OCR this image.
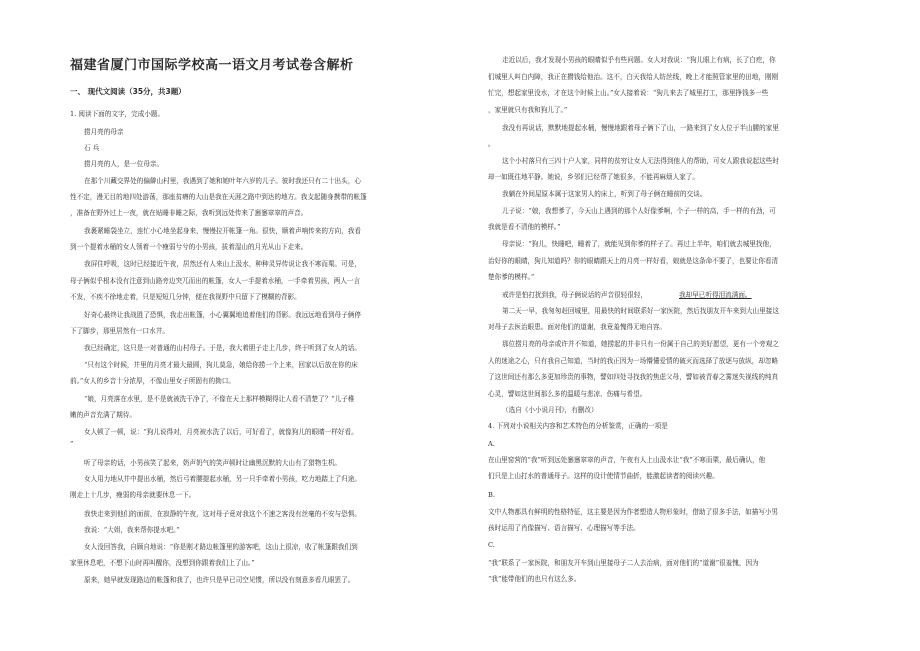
福建省厦门市国际学校高一语文月考试卷含解析
一、 现代文阅读（35分，共3题）
1. 阅读下面的文字，完成小题。
捞月亮的母亲
石 兵
捞月亮的人，是一位母亲。
在那个川藏交界处的偏僻山村里，我遇到了她和她叶年六岁的儿子。彼时我还只有二十出头，心
性不定，漫无目的地四处游荡，那座贫瘠的大山是我在天涯之路中到达的地方。我支起随身携带的帐篷
，准备在野外过上一夜，就在贴睡非睡之际，我听到远处传来了窸窸窣窣的声音。
我裹紧睡袋坐立，连忙小心地坐起身来，慢慢拉开帐篷一角。很快，顺着声响传来的方向，我看
到一个提着水桶的女人领着一个瘦弱兮兮的小男孩，拔着湿山的月光从山下走来。
我屏住呼吸，这时已经接近午夜，居然还有人来山上汲水，种种灵异传说让我不寒而栗。可是，
母子俩似乎根本没有注意到山路旁边突兀而出的帐篷，女人一手提着水桶，一手牵着男孩，两人一言
不发，不疾不徐地走着，只是短短几分钟，便在我视野中只留下了模糊的背影。
好奇心最终让我战胜了恐惧，我走出帐篷，小心翼翼地追着他们的背影。我远远地看到母子俩停
下了脚步，那里居然有一口水井。
我已经确定，这只是一对普通的山村母子。于是，我大着胆子走上几步，终于听到了女人的话。
“只有这个时候，井里的月亮才最大最圆，狗儿莫急，娘给你捞一个上来，回家以后放在你的床
前。”女人的乡音十分浓厚，不像山里女子所固有的拗口。
“娘，月亮落在水里，是不是就被洗干净了，不像在天上那样模糊得让人看不清楚了？”儿子稚
嫩的声音充满了期待。
女人顿了一顿，说：“狗儿说得对，月亮被水洗了以后，可好看了，就像狗儿的眼睛一样好看。
”
听了母亲的话，小男孩笑了起来，奶声奶气的笑声顿时让幽黑沉默的大山有了猎物生机。
女人用力地从井中提出水桶，然后弓着腰提起水桶，另一只手牵着小男孩，吃力地踏上了归途。
刚走上十几步，瘦弱的母亲就要休息一下。
我快走来到他们的面前，在寂静的午夜，这对母子竟对我这个不速之客没有丝毫的不安与恐惧。
我说：“大姐，我来帮你提水吧。”
女人没回答我，自顾自地说：“你是刚才路边帐篷里的游客吧，这山上很凉，收了帐篷跟我们到
家里休息吧，不想下山时再叫醒你，没想到你跟着我们上了山。”
原来，她早就发现路边的帐篷和我了，也许只是早已司空见惯，所以没有刻意多看几眼罢了。
走近以后，我才发现小男孩的眼睛似乎有些问题。女人对我说：“狗儿眼上有病，长了白疙，你
们城里人叫白内障，我正在攒钱给他治。这不，白天我给人纺丝线，晚上才能照管家里的田地，刚刚
忙完，想起家里没水，才在这个时候上山。”女人接着说：“狗儿来去了城里打工，那里挣钱多一些
，家里就只有我和狗儿了。”
我没有再说话，默默地提起水桶，慢慢地跟着母子俩下了山，一路来到了女人位于半山腰的家里
。
这个小村落只有三四十户人家，同样的贫穷让女人无法得到他人的帮助，可女人跟我说起这些时
却一如既往地平静。她说，乡邻们已经帮了她很多，不能再麻烦人家了。
我躺在外间屋原本属于这家男人的床上，听到了母子俩在睡前的交谈。
儿子说：“娘，我想爹了，今天山上遇到的那个人好像爹啊，个子一样的高，手一样的有劲，可
我就是看不清他的模样。”
母亲说：“狗儿，快睡吧，睡着了，就能见到你爹的样子了。再过上半年，咱们就去城里找他，
治好你的眼睛，狗儿知道吗？你的眼睛跟天上的月亮一样好看，娘就是这条命不要了，也要让你看清
楚你爹的模样。”
戒许是怕打扰到我，母子俩说话的声音很轻很轻，
第二天一早，我匆匆赶回城里，用最快的时间联系好一家医院，然后找朋友开车来到大山里接这
对母子去医治眼患。面对他们的道谢，我竟羞愧得无地自容。
那位捞月亮的母亲或许并不知道，她捞起的并非只有一份属于自己的美好愿望，更有一个旁观之
人的迷途之心，只有我自己知道，当时的我正因为一场懵懂爱情的破灭而选择了放逐与放纵，却忽略
了这世间还有那么多更加珍贵的事物，譬如四处寻找我的焦虑父母，譬如被青春之雾迷失视线的纯真
心灵，譬如这世间那么多的温暖与悲凉、伤痛与希望。
（选自《小小说月刊》，有删改）
4. 下列对小说相关内容和艺术特色的分析鉴赏，正确的一项是
A.
在山里窑营的“我”听到远处窸窸窣窣的声音，午夜有人上山汲水让“我”不寒而栗，最后确认，他
们只是上山打水的普通母子。这样的设计使情节曲折，能激起读者的阅读兴趣。
B.
文中人物都具有鲜明的性格特征，这主要是因为作者塑造人物形象时，借助了很多手法，如描写小男
孩时运用了肖像描写、语言描写、心理描写等手法。
C.
“我”联系了一家医院，和朋友开车到山里接母子二人去治病，面对他们的“道谢”很羞愧，因为
“我”能带他们的也只有这么多。
我却早已听得泪流满面。
